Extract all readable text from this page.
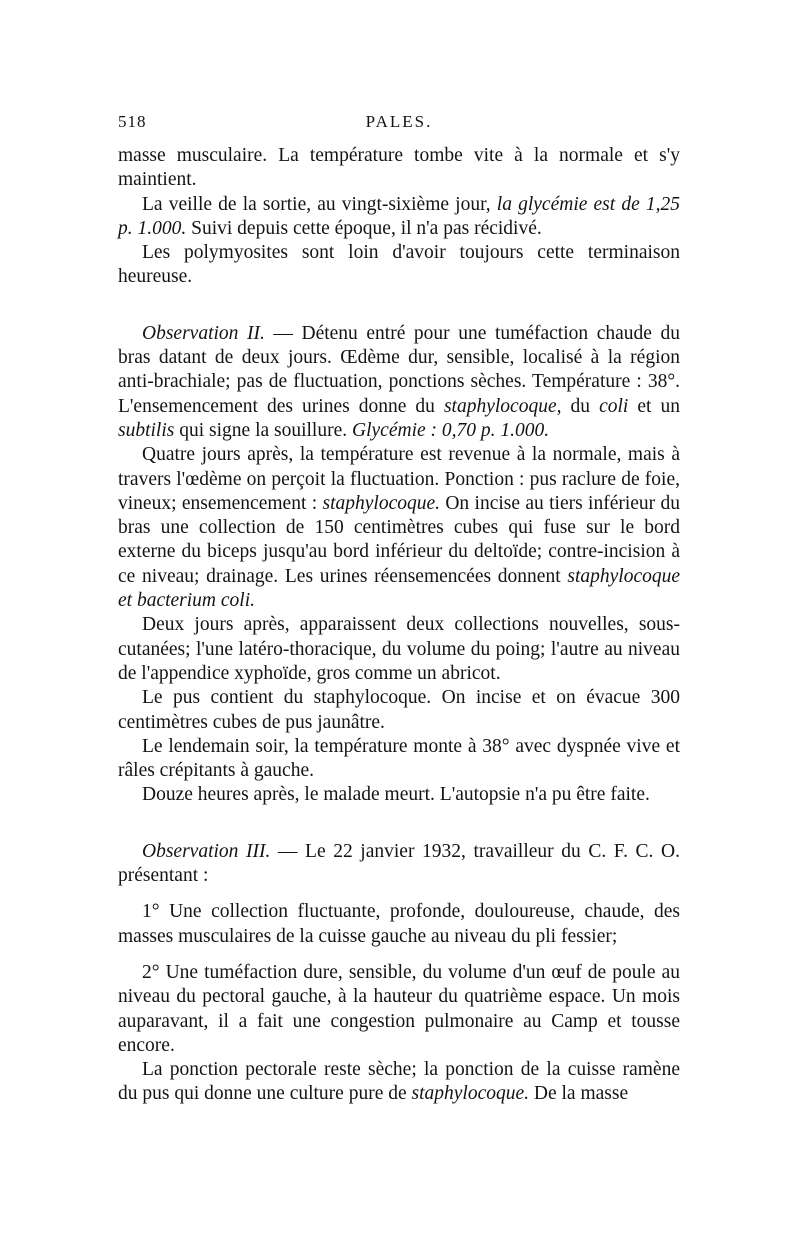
518	PALES.

masse musculaire. La température tombe vite à la normale et s'y maintient.

La veille de la sortie, au vingt-sixième jour, la glycémie est de 1,25 p. 1.000. Suivi depuis cette époque, il n'a pas récidivé.

Les polymyosites sont loin d'avoir toujours cette terminaison heureuse.

Observation II. — Détenu entré pour une tuméfaction chaude du bras datant de deux jours. Œdème dur, sensible, localisé à la région anti-brachiale; pas de fluctuation, ponctions sèches. Température : 38°. L'ensemencement des urines donne du staphylocoque, du coli et un subtilis qui signe la souillure. Glycémie : 0,70 p. 1.000.

Quatre jours après, la température est revenue à la normale, mais à travers l'œdème on perçoit la fluctuation. Ponction : pus raclure de foie, vineux; ensemencement : staphylocoque. On incise au tiers inférieur du bras une collection de 150 centimètres cubes qui fuse sur le bord externe du biceps jusqu'au bord inférieur du deltoïde; contre-incision à ce niveau; drainage. Les urines réensemencées donnent staphylocoque et bacterium coli.

Deux jours après, apparaissent deux collections nouvelles, sous-cutanées; l'une latéro-thoracique, du volume du poing; l'autre au niveau de l'appendice xyphoïde, gros comme un abricot.

Le pus contient du staphylocoque. On incise et on évacue 300 centimètres cubes de pus jaunâtre.

Le lendemain soir, la température monte à 38° avec dyspnée vive et râles crépitants à gauche.

Douze heures après, le malade meurt. L'autopsie n'a pu être faite.

Observation III. — Le 22 janvier 1932, travailleur du C. F. C. O. présentant :

1° Une collection fluctuante, profonde, douloureuse, chaude, des masses musculaires de la cuisse gauche au niveau du pli fessier;

2° Une tuméfaction dure, sensible, du volume d'un œuf de poule au niveau du pectoral gauche, à la hauteur du quatrième espace. Un mois auparavant, il a fait une congestion pulmonaire au Camp et tousse encore.

La ponction pectorale reste sèche; la ponction de la cuisse ramène du pus qui donne une culture pure de staphylocoque. De la masse
